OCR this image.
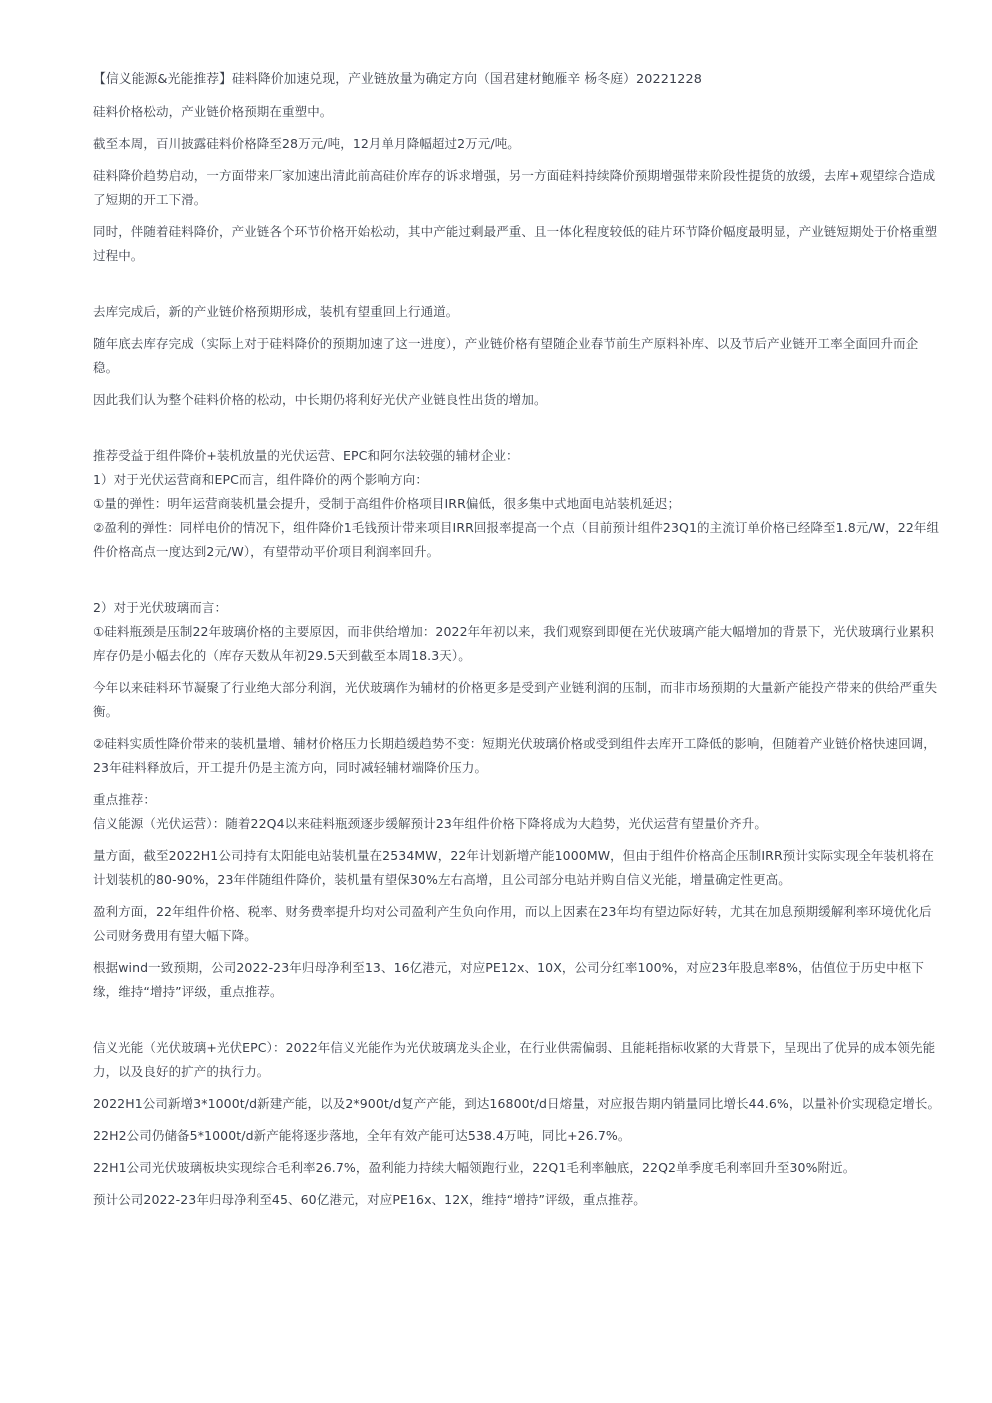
【信义能源&光能推荐】硅料降价加速兑现，产业链放量为确定方向（国君建材鲍雁辛 杨冬庭）20221228
硅料价格松动，产业链价格预期在重塑中。
截至本周，百川披露硅料价格降至28万元/吨，12月单月降幅超过2万元/吨。
硅料降价趋势启动，一方面带来厂家加速出清此前高硅价库存的诉求增强，另一方面硅料持续降价预期增强带来阶段性提货的放缓，去库+观望综合造成了短期的开工下滑。
同时，伴随着硅料降价，产业链各个环节价格开始松动，其中产能过剩最严重、且一体化程度较低的硅片环节降价幅度最明显，产业链短期处于价格重塑过程中。
去库完成后，新的产业链价格预期形成，装机有望重回上行通道。
随年底去库存完成（实际上对于硅料降价的预期加速了这一进度），产业链价格有望随企业春节前生产原料补库、以及节后产业链开工率全面回升而企稳。
因此我们认为整个硅料价格的松动，中长期仍将利好光伏产业链良性出货的增加。
推荐受益于组件降价+装机放量的光伏运营、EPC和阿尔法较强的辅材企业：
1）对于光伏运营商和EPC而言，组件降价的两个影响方向：
①量的弹性：明年运营商装机量会提升，受制于高组件价格项目IRR偏低，很多集中式地面电站装机延迟；
②盈利的弹性：同样电价的情况下，组件降价1毛钱预计带来项目IRR回报率提高一个点（目前预计组件23Q1的主流订单价格已经降至1.8元/W，22年组件价格高点一度达到2元/W），有望带动平价项目利润率回升。
2）对于光伏玻璃而言：
①硅料瓶颈是压制22年玻璃价格的主要原因，而非供给增加：2022年年初以来，我们观察到即便在光伏玻璃产能大幅增加的背景下，光伏玻璃行业累积库存仍是小幅去化的（库存天数从年初29.5天到截至本周18.3天）。
今年以来硅料环节凝聚了行业绝大部分利润，光伏玻璃作为辅材的价格更多是受到产业链利润的压制，而非市场预期的大量新产能投产带来的供给严重失衡。
②硅料实质性降价带来的装机量增、辅材价格压力长期趋缓趋势不变：短期光伏玻璃价格或受到组件去库开工降低的影响，但随着产业链价格快速回调，23年硅料释放后，开工提升仍是主流方向，同时减轻辅材端降价压力。
重点推荐：
信义能源（光伏运营）：随着22Q4以来硅料瓶颈逐步缓解预计23年组件价格下降将成为大趋势，光伏运营有望量价齐升。
量方面，截至2022H1公司持有太阳能电站装机量在2534MW，22年计划新增产能1000MW，但由于组件价格高企压制IRR预计实际实现全年装机将在计划装机的80-90%，23年伴随组件降价，装机量有望保30%左右高增，且公司部分电站并购自信义光能，增量确定性更高。
盈利方面，22年组件价格、税率、财务费率提升均对公司盈利产生负向作用，而以上因素在23年均有望边际好转，尤其在加息预期缓解利率环境优化后公司财务费用有望大幅下降。
根据wind一致预期，公司2022-23年归母净利至13、16亿港元，对应PE12x、10X，公司分红率100%，对应23年股息率8%，估值位于历史中枢下缘，维持“增持”评级，重点推荐。
信义光能（光伏玻璃+光伏EPC）：2022年信义光能作为光伏玻璃龙头企业，在行业供需偏弱、且能耗指标收紧的大背景下，呈现出了优异的成本领先能力，以及良好的扩产的执行力。
2022H1公司新增3*1000t/d新建产能，以及2*900t/d复产产能，到达16800t/d日熔量，对应报告期内销量同比增长44.6%，以量补价实现稳定增长。
22H2公司仍储备5*1000t/d新产能将逐步落地，全年有效产能可达538.4万吨，同比+26.7%。
22H1公司光伏玻璃板块实现综合毛利率26.7%，盈利能力持续大幅领跑行业，22Q1毛利率触底，22Q2单季度毛利率回升至30%附近。
预计公司2022-23年归母净利至45、60亿港元，对应PE16x、12X，维持“增持”评级，重点推荐。
